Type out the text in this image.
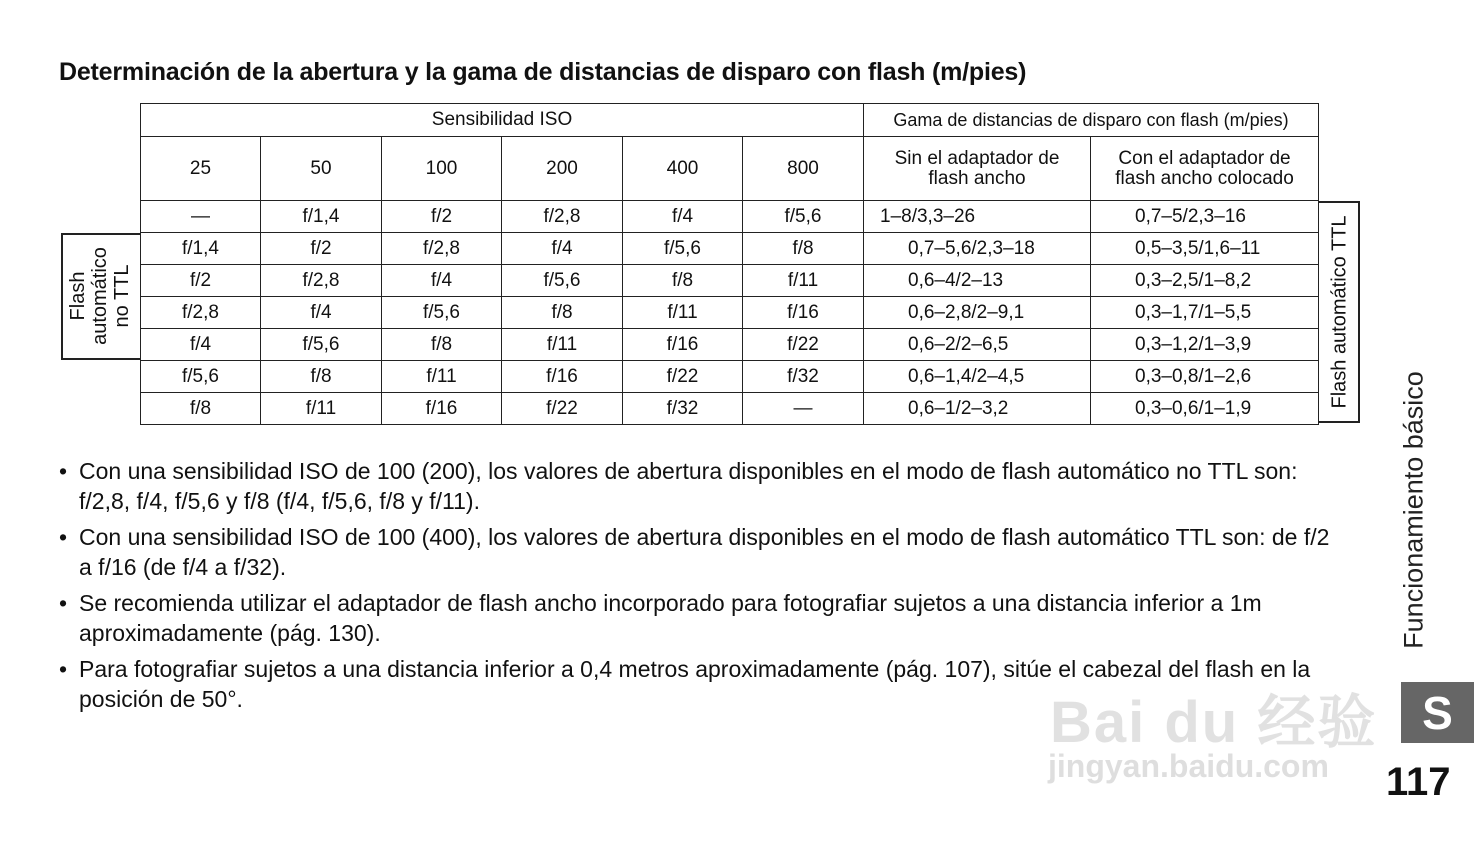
Determinación de la abertura y la gama de distancias de disparo con flash (m/pies)
Sensibilidad ISO						Gama de distancias de disparo con flash (m/pies)	
25	50	100	200	400	800	Sin el adaptador de flash ancho	Con el adaptador de flash ancho colocado
—	f/1,4	f/2	f/2,8	f/4	f/5,6	1–8/3,3–26	0,7–5/2,3–16
f/1,4	f/2	f/2,8	f/4	f/5,6	f/8	0,7–5,6/2,3–18	0,5–3,5/1,6–11
f/2	f/2,8	f/4	f/5,6	f/8	f/11	0,6–4/2–13	0,3–2,5/1–8,2
f/2,8	f/4	f/5,6	f/8	f/11	f/16	0,6–2,8/2–9,1	0,3–1,7/1–5,5
f/4	f/5,6	f/8	f/11	f/16	f/22	0,6–2/2–6,5	0,3–1,2/1–3,9
f/5,6	f/8	f/11	f/16	f/22	f/32	0,6–1,4/2–4,5	0,3–0,8/1–2,6
f/8	f/11	f/16	f/22	f/32	—	0,6–1/2–3,2	0,3–0,6/1–1,9
Flash automático no TTL	Flash automático TTL
• Con una sensibilidad ISO de 100 (200), los valores de abertura disponibles en el modo de flash automático no TTL son: f/2,8, f/4, f/5,6 y f/8 (f/4, f/5,6, f/8 y f/11).
• Con una sensibilidad ISO de 100 (400), los valores de abertura disponibles en el modo de flash automático TTL son: de f/2 a f/16 (de f/4 a f/32).
• Se recomienda utilizar el adaptador de flash ancho incorporado para fotografiar sujetos a una distancia inferior a 1m aproximadamente (pág. 130).
• Para fotografiar sujetos a una distancia inferior a 0,4 metros aproximadamente (pág. 107), sitúe el cabezal del flash en la posición de 50°.
Funcionamiento básico
S
117
Bai du 经验
jingyan.baidu.com
